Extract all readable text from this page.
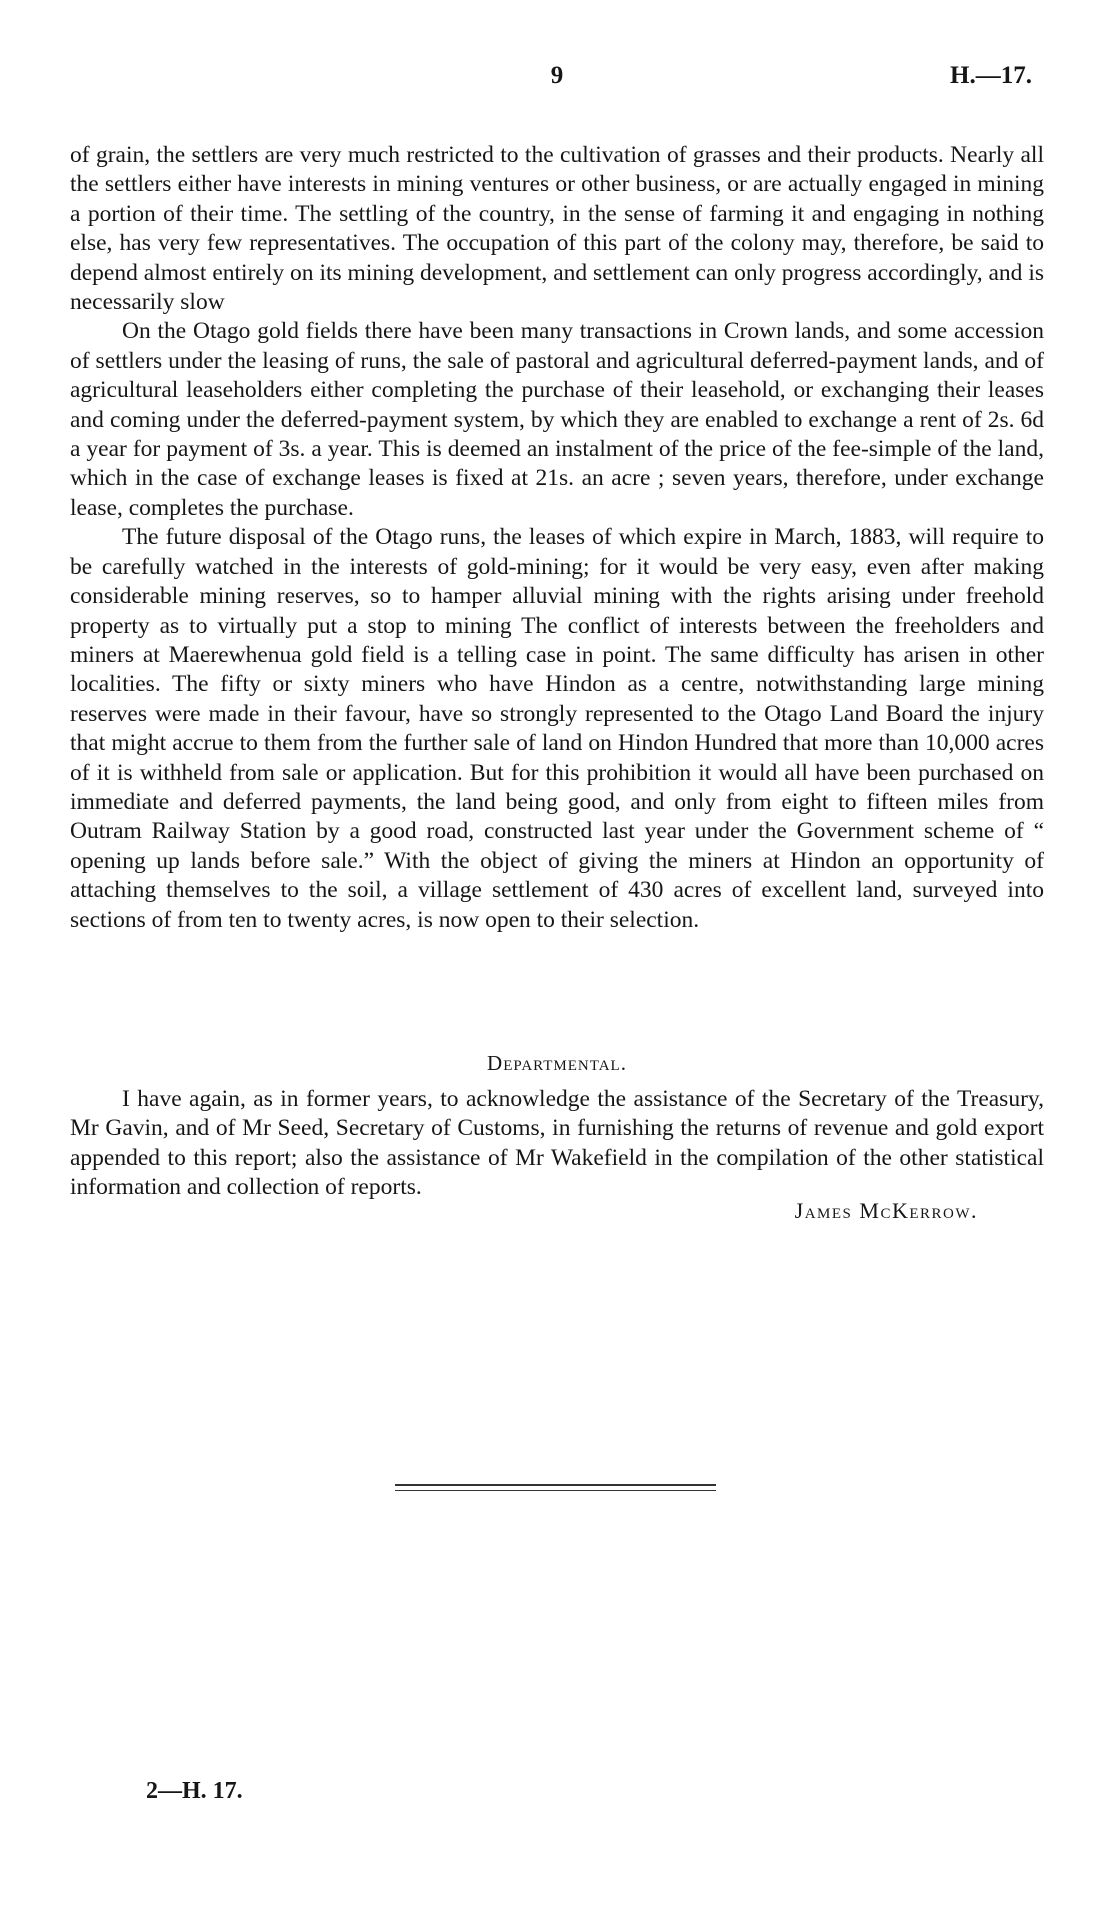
9	H.—17.

of grain, the settlers are very much restricted to the cultivation of grasses and their products. Nearly all the settlers either have interests in mining ventures or other business, or are actually engaged in mining a portion of their time. The settling of the country, in the sense of farming it and engaging in nothing else, has very few representatives. The occupation of this part of the colony may, therefore, be said to depend almost entirely on its mining development, and settlement can only progress accordingly, and is necessarily slow

On the Otago gold fields there have been many transactions in Crown lands, and some accession of settlers under the leasing of runs, the sale of pastoral and agricultural deferred-payment lands, and of agricultural leaseholders either completing the purchase of their leasehold, or exchanging their leases and coming under the deferred-payment system, by which they are enabled to exchange a rent of 2s. 6d a year for payment of 3s. a year. This is deemed an instalment of the price of the fee-simple of the land, which in the case of exchange leases is fixed at 21s. an acre ; seven years, therefore, under exchange lease, completes the purchase.

The future disposal of the Otago runs, the leases of which expire in March, 1883, will require to be carefully watched in the interests of gold-mining; for it would be very easy, even after making considerable mining reserves, so to hamper alluvial mining with the rights arising under freehold property as to virtually put a stop to mining The conflict of interests between the freeholders and miners at Maerewhenua gold field is a telling case in point. The same difficulty has arisen in other localities. The fifty or sixty miners who have Hindon as a centre, notwithstanding large mining reserves were made in their favour, have so strongly represented to the Otago Land Board the injury that might accrue to them from the further sale of land on Hindon Hundred that more than 10,000 acres of it is withheld from sale or application. But for this prohibition it would all have been purchased on immediate and deferred payments, the land being good, and only from eight to fifteen miles from Outram Railway Station by a good road, constructed last year under the Government scheme of “ opening up lands before sale.” With the object of giving the miners at Hindon an opportunity of attaching themselves to the soil, a village settlement of 430 acres of excellent land, surveyed into sections of from ten to twenty acres, is now open to their selection.

Departmental.

I have again, as in former years, to acknowledge the assistance of the Secretary of the Treasury, Mr Gavin, and of Mr Seed, Secretary of Customs, in furnishing the returns of revenue and gold export appended to this report; also the assistance of Mr Wakefield in the compilation of the other statistical information and collection of reports.

James McKerrow.
2—H. 17.
